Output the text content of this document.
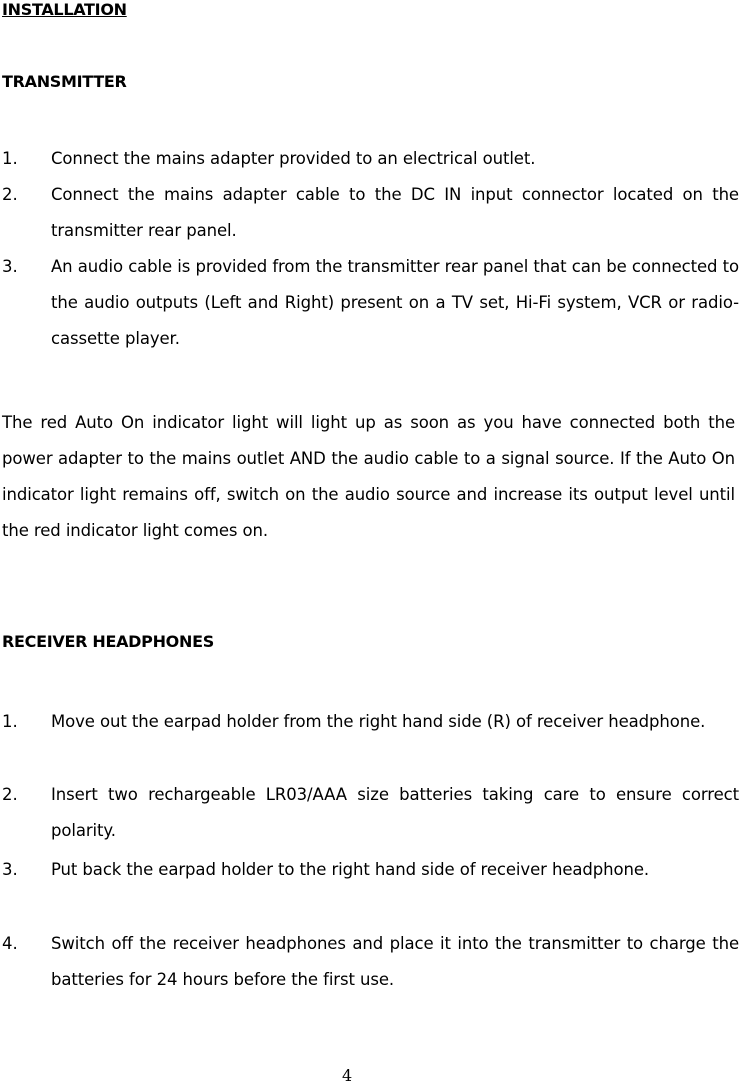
INSTALLATION
TRANSMITTER
1. Connect the mains adapter provided to an electrical outlet.
2. Connect the mains adapter cable to the DC IN input connector located on the transmitter rear panel.
3. An audio cable is provided from the transmitter rear panel that can be connected to the audio outputs (Left and Right) present on a TV set, Hi-Fi system, VCR or radio-cassette player.

The red Auto On indicator light will light up as soon as you have connected both the power adapter to the mains outlet AND the audio cable to a signal source. If the Auto On indicator light remains off, switch on the audio source and increase its output level until the red indicator light comes on.

RECEIVER HEADPHONES
1. Move out the earpad holder from the right hand side (R) of receiver headphone.
2. Insert two rechargeable LR03/AAA size batteries taking care to ensure correct polarity.
3. Put back the earpad holder to the right hand side of receiver headphone.
4. Switch off the receiver headphones and place it into the transmitter to charge the batteries for 24 hours before the first use.
4
